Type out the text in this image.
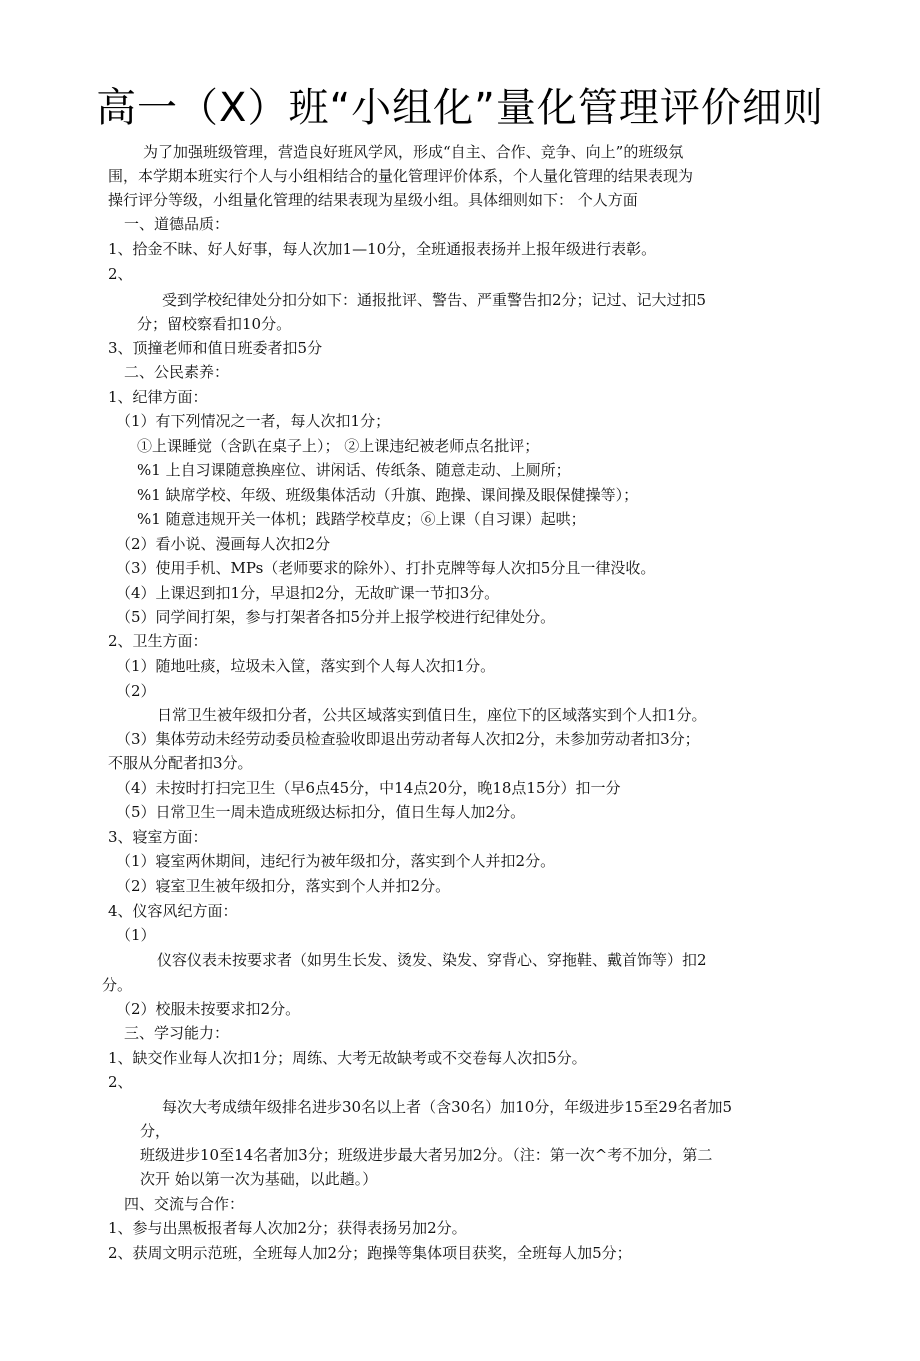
高一（X）班“小组化”量化管理评价细则
为了加强班级管理，营造良好班风学风，形成“自主、合作、竞争、向上”的班级氛
围，本学期本班实行个人与小组相结合的量化管理评价体系，个人量化管理的结果表现为
操行评分等级，小组量化管理的结果表现为星级小组。具体细则如下： 个人方面
一、道德品质：
1、拾金不昧、好人好事，每人次加1—10分，全班通报表扬并上报年级进行表彰。
2、
受到学校纪律处分扣分如下：通报批评、警告、严重警告扣2分；记过、记大过扣5
分；留校察看扣10分。
3、顶撞老师和值日班委者扣5分
二、公民素养：
1、纪律方面：
（1）有下列情况之一者，每人次扣1分；
①上课睡觉（含趴在桌子上）； ②上课违纪被老师点名批评；
%1 上自习课随意换座位、讲闲话、传纸条、随意走动、上厕所；
%1 缺席学校、年级、班级集体活动（升旗、跑操、课间操及眼保健操等）；
%1 随意违规开关一体机；践踏学校草皮；⑥上课（自习课）起哄；
（2）看小说、漫画每人次扣2分
（3）使用手机、MPs（老师要求的除外）、打扑克牌等每人次扣5分且一律没收。
（4）上课迟到扣1分，早退扣2分，无故旷课一节扣3分。
（5）同学间打架，参与打架者各扣5分并上报学校进行纪律处分。
2、卫生方面：
（1）随地吐痰，垃圾未入筐，落实到个人每人次扣1分。
（2）
日常卫生被年级扣分者，公共区域落实到值日生，座位下的区域落实到个人扣1分。
（3）集体劳动未经劳动委员检查验收即退出劳动者每人次扣2分，未参加劳动者扣3分；
不服从分配者扣3分。
（4）未按时打扫完卫生（早6点45分，中14点20分，晚18点15分）扣一分
（5）日常卫生一周未造成班级达标扣分，值日生每人加2分。
3、寝室方面：
（1）寝室两休期间，违纪行为被年级扣分，落实到个人并扣2分。
（2）寝室卫生被年级扣分，落实到个人并扣2分。
4、仪容风纪方面：
（1）
仪容仪表未按要求者（如男生长发、烫发、染发、穿背心、穿拖鞋、戴首饰等）扣2
分。
（2）校服未按要求扣2分。
三、学习能力：
1、缺交作业每人次扣1分；周练、大考无故缺考或不交卷每人次扣5分。
2、
每次大考成绩年级排名进步30名以上者（含30名）加10分，年级进步15至29名者加5
分，
班级进步10至14名者加3分；班级进步最大者另加2分。（注：第一次^考不加分，第二
次开 始以第一次为基础，以此趟。）
四、交流与合作：
1、参与出黑板报者每人次加2分；获得表扬另加2分。
2、获周文明示范班，全班每人加2分；跑操等集体项目获奖，全班每人加5分；
